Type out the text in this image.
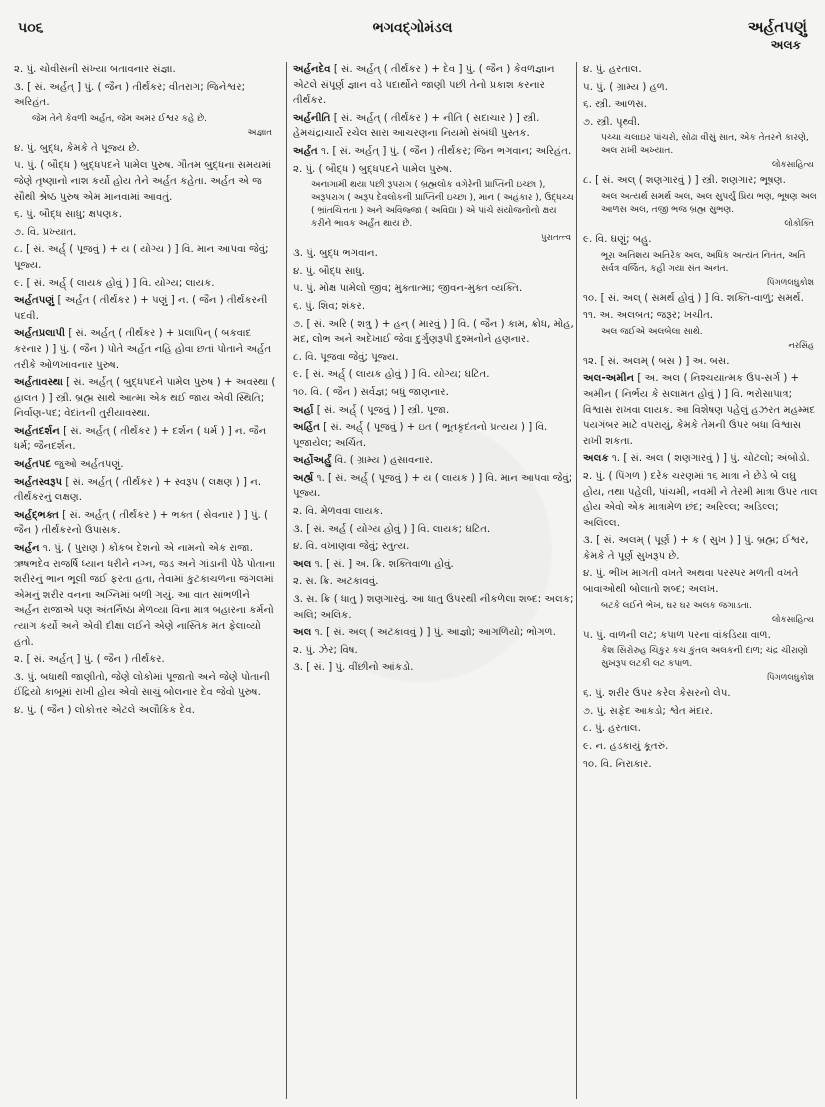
૫૦૬	ભગવદ્ગોમંડલ	અર્હતપણું
અલક

૨. પું. ચોવીસની સંખ્યા બતાવનાર સંજ્ઞા.

૩. [ સં. અર્હત્ ] પું. ( જૈન ) તીર્થંકર; વીતરાગ; જિનેશ્વર; અરિહંત.

જેમ તેને કેવળી અર્હત, જેમ અમર ઈશ્વર કહે છે.
અજ્ઞાત

૪. પું. બુદ્ધ, કેમકે તે પૂજ્ય છે.

૫. પું. ( બૌદ્ધ ) બુદ્ધપદને પામેલ પુરુષ. ગૌતમ બુદ્ધના સમયમાં જેણે તૃષ્ણાનો નાશ કર્યો હોય તેને અર્હત કહેતા. અર્હત એ જ સૌથી શ્રેષ્ઠ પુરુષ એમ માનવામાં આવતું.

૬. પું. બૌદ્ધ સાધુ; ક્ષપણક.

૭. વિ. પ્રખ્યાત.

૮. [ સં. અર્હ્ ( પૂજવું ) + ય ( યોગ્ય ) ] વિ. માન આપવા જેવું; પૂજ્ય.

૯. [ સં. અર્હ્ ( લાયક હોવું ) ] વિ. યોગ્ય; લાયક.

અર્હતપણું [ અર્હત ( તીર્થંકર ) + પણું ] ન. ( જૈન ) તીર્થંકરની પદવી.

અર્હતપ્રલાપી [ સં. અર્હત્ ( તીર્થંકર ) + પ્રલાપિન્ ( બકવાદ કરનાર ) ] પું. ( જૈન ) પોતે અર્હત નહિ હોવા છતાં પોતાને અર્હત તરીકે ઓળખાવનાર પુરુષ.

અર્હતાવસ્થા [ સં. અર્હત્ ( બુદ્ધપદને પામેલ પુરુષ ) + અવસ્થા ( હાલત ) ] સ્ત્રી. બ્રહ્મ સાથે આત્મા એક થઈ જાય એવી સ્થિતિ; નિર્વાણ-પદ; વેદાંતની તુરીયાવસ્થા.

અર્હતદર્શન [ સં. અર્હત્ ( તીર્થંકર ) + દર્શન ( ધર્મ ) ] ન. જૈન ધર્મ; જૈનદર્શન.

અર્હતપદ જુઓ અર્હતપણું.

અર્હતસ્વરૂપ [ સં. અર્હત્ ( તીર્થંકર ) + સ્વરૂપ ( લક્ષણ ) ] ન. તીર્થંકરનું લક્ષણ.

અર્હદ્ભક્ત [ સં. અર્હત્ ( તીર્થંકર ) + ભક્ત ( સેવનાર ) ] પું. ( જૈન ) તીર્થંકરનો ઉપાસક.

અર્હન ૧. પું. ( પુરાણ ) કોંકબ દેશનો એ નામનો એક રાજા. ઋષભદેવ રાજર્ષિ ધ્યાન ધરીને નગ્ન, જડ અને ગાંડાની પેઠે પોતાના શરીરનું ભાન ભૂલી જઈ ફરતા હતા, તેવામાં કુટકાચળના જંગલમાં એમનું શરીર વનના અગ્નિમાં બળી ગયું. આ વાત સાંભળીને અર્હન રાજાએ પણ અંતર્નિષ્ઠા મેળવ્યા વિના માત્ર બહારના કર્મનો ત્યાગ કર્યો અને એવી દીક્ષા લઈને એણે નાસ્તિક મત ફેલાવ્યો હતો.

૨. [ સં. અર્હત્ ] પું. ( જૈન ) તીર્થંકર.

૩. પું. બધાથી જાણીતો, જેણે લોકોમાં પૂજાતો અને જેણે પોતાની ઈંદ્રિયો કાબૂમાં રાખી હોય એવો સાચું બોલનાર દેવ જેવો પુરુષ.

૪. પું. ( જૈન ) લોકોત્તર એટલે અલૌકિક દેવ.

અર્હનદેવ [ સં. અર્હત્ ( તીર્થંકર ) + દેવ ] પું. ( જૈન ) કેવળજ્ઞાન એટલે સંપૂર્ણ જ્ઞાન વડે પદાર્થોને જાણી પછી તેનો પ્રકાશ કરનાર તીર્થંકર.

અર્હનીતિ [ સં. અર્હત્ ( તીર્થંકર ) + નીતિ ( સદાચાર ) ] સ્ત્રી. હેમચંદ્રાચાર્યે રચેલ સારા આચરણના નિયમો સંબંધી પુસ્તક.

અર્હંત ૧. [ સં. અર્હત્ ] પું. ( જૈન ) તીર્થંકર; જિન ભગવાન; અરિહંત.

૨. પું. ( બૌદ્ધ ) બુદ્ધપદને પામેલ પુરુષ.

અનાગામી થયા પછી રૂપરાગ ( બ્રહ્મલોક વગેરેની પ્રાપ્તિની ઇચ્છા ), અરૂપરાગ ( અરૂપ દેવલોકની પ્રાપ્તિની ઇચ્છા ), માન ( અહંકાર ), ઉદ્ધચ્ચ ( ભ્રાંતચિત્તતા ) અને અવિજ્જા ( અવિદ્યા ) એ પાંચે સંયોજનોનો ક્ષય કરીને ભાવક અર્હંત થાય છે.
પુરાતત્ત્વ

૩. પું. બુદ્ધ ભગવાન.

૪. પું. બૌદ્ધ સાધુ.

૫. પું. મોક્ષ પામેલો જીવ; મુક્તાત્મા; જીવન-મુક્ત વ્યક્તિ.

૬. પું. શિવ; શંકર.

૭. [ સં. અરિ ( શત્રુ ) + હન્ ( મારવું ) ] વિ. ( જૈન ) કામ, ક્રોધ, મોહ, મદ, લોભ અને અદેખાઈ જેવા દુર્ગુણરૂપી દુશ્મનોને હણનાર.

૮. વિ. પૂજવા જેવું; પૂજ્ય.

૯. [ સં. અર્હ્ ( લાયક હોવું ) ] વિ. યોગ્ય; ઘટિત.

૧૦. વિ. ( જૈન ) સર્વજ્ઞ; બધું જાણનાર.

અર્હા [ સં. અર્હ્ ( પૂજવું ) ] સ્ત્રી. પૂજા.

અર્હિત [ સં. અર્હ્ ( પૂજવું ) + ઇત ( ભૂતકૃદંતનો પ્રત્યય ) ] વિ. પૂજાયેલ; અર્ચિત.

અર્હોઅર્હું વિ. ( ગ્રામ્ય ) હસાવનાર.

અર્હ્ય ૧. [ સં. અર્હ્ ( પૂજવું ) + ય ( લાયક ) ] વિ. માન આપવા જેવું; પૂજ્ય.

૨. વિ. મેળવવા લાયક.

૩. [ સં. અર્હ ( યોગ્ય હોવું ) ] વિ. લાયક; ઘટિત.

૪. વિ. વખાણવા જેવું; સ્તુત્ય.

અલ ૧. [ સં. ] અ. ક્રિ. શક્તિવાળા હોવું.

૨. સ. ક્રિ. અટકાવવું.

૩. સ. ક્રિ ( ધાતુ ) શણગારવું. આ ધાતુ ઉપરથી નીકળેલા શબ્દ: અલક; અલિ; અલિક.

અલ ૧. [ સં. અલ્ ( અટકાવવું ) ] પું. આજ્ઞો; આગળિયો; ભોગળ.

૨. પું. ઝેર; વિષ.

૩. [ સં. ] પું. વીંછીનો આંકડો.

૪. પું. હરતાલ.

૫. પું. ( ગ્રામ્ય ) હળ.

૬. સ્ત્રી. આળસ.

૭. સ્ત્રી. પૃથ્વી.

પચ્ચા ચલાઇર પાંચરો, સોઢા વીસું સાત, એક તેતરને કારણે, અલ રાખી અખ્યાત.
લોકસાહિત્ય

૮. [ સં. અલ્ ( શણગારવું ) ] સ્ત્રી. શણગાર; ભૂષણ.

અલ અત્યર્થ સમર્થ અલ, અલ સુપર્યું પ્રિય ભણ, ભૂષણ અલ આળસ અલ, તજી ભજ બ્રહ્મ સુભણ.
લોકોક્તિ

૯. વિ. ઘણું; બહુ.

ભૂરા અતિશય અતિરેક અલ, અધિક અત્યંત નિતંત, અતિ સર્વત્ર વર્જિત, કહી ગયા સંત અનંત.
પિંગળલઘુકોશ

૧૦. [ સં. અલ્ ( સમર્થ હોવું ) ] વિ. શક્તિ-વાળું; સમર્થ.

૧૧. અ. અલબત; જરૂર; ખચીત.

અલ જઈએ અલબેલા સાથે.
નરસિંહ

૧૨. [ સં. અલમ્ ( બસ ) ] અ. બસ.

અલ-અમીન [ અ. અલ ( નિશ્ચયાત્મક ઉપ-સર્ગ ) + અમીન ( નિર્ભય કે સલામત હોવું ) ] વિ. ભરોસાપાત્ર; વિશ્વાસ રાખવા લાયક. આ વિશેષણ પહેલું હઝરત મહમ્મદ પયગંબર માટે વપરાયું, કેમકે તેમની ઉપર બધા વિશ્વાસ રાખી શકતા.

અલક ૧. [ સં. અલ ( શણગારવું ) ] પું. ચોટલો; અંબોડો.

૨. પું. ( પિંગળ ) દરેક ચરણમાં ૧૬ માત્રા ને છેડે બે લઘુ હોય, તથા પહેલી, પાંચમી, નવમી ને તેરમી માત્રા ઉપર તાલ હોય એવો એક માત્રામેળ છંદ; અરિલ્લ; અડિલ્લ; અલિલ્લ.

૩. [ સં. અલમ્ ( પૂર્ણ ) + ક ( સુખ ) ] પું. બ્રહ્મ; ઈશ્વર, કેમકે તે પૂર્ણ સુખરૂપ છે.

૪. પું. ભીખ માગતી વખતે અથવા પરસ્પર મળતી વખતે બાવાઓથી બોલાતો શબ્દ; અલખ.

બટકે લઈને ભેખ, ઘર ઘર અલક જગાડતા.
લોકસાહિત્ય

૫. પું. વાળની લટ; કપાળ પરના વાંકડિયા વાળ.

કેશ સિરોરુહ ચિકુર કચ કુંતલ અલકની દાળ; ચંદ્ર ચીરાણો સુખરૂપ લટકી લટ કપાળ.
પિંગળલઘુકોશ

૬. પું. શરીર ઉપર કરેલ કેસરનો લેપ.

૭. પું. સફેદ આકડો; શ્વેત મંદાર.

૮. પું. હરતાલ.

૯. ન. હડકાયું કૂતરું.

૧૦. વિ. નિરાકાર.
